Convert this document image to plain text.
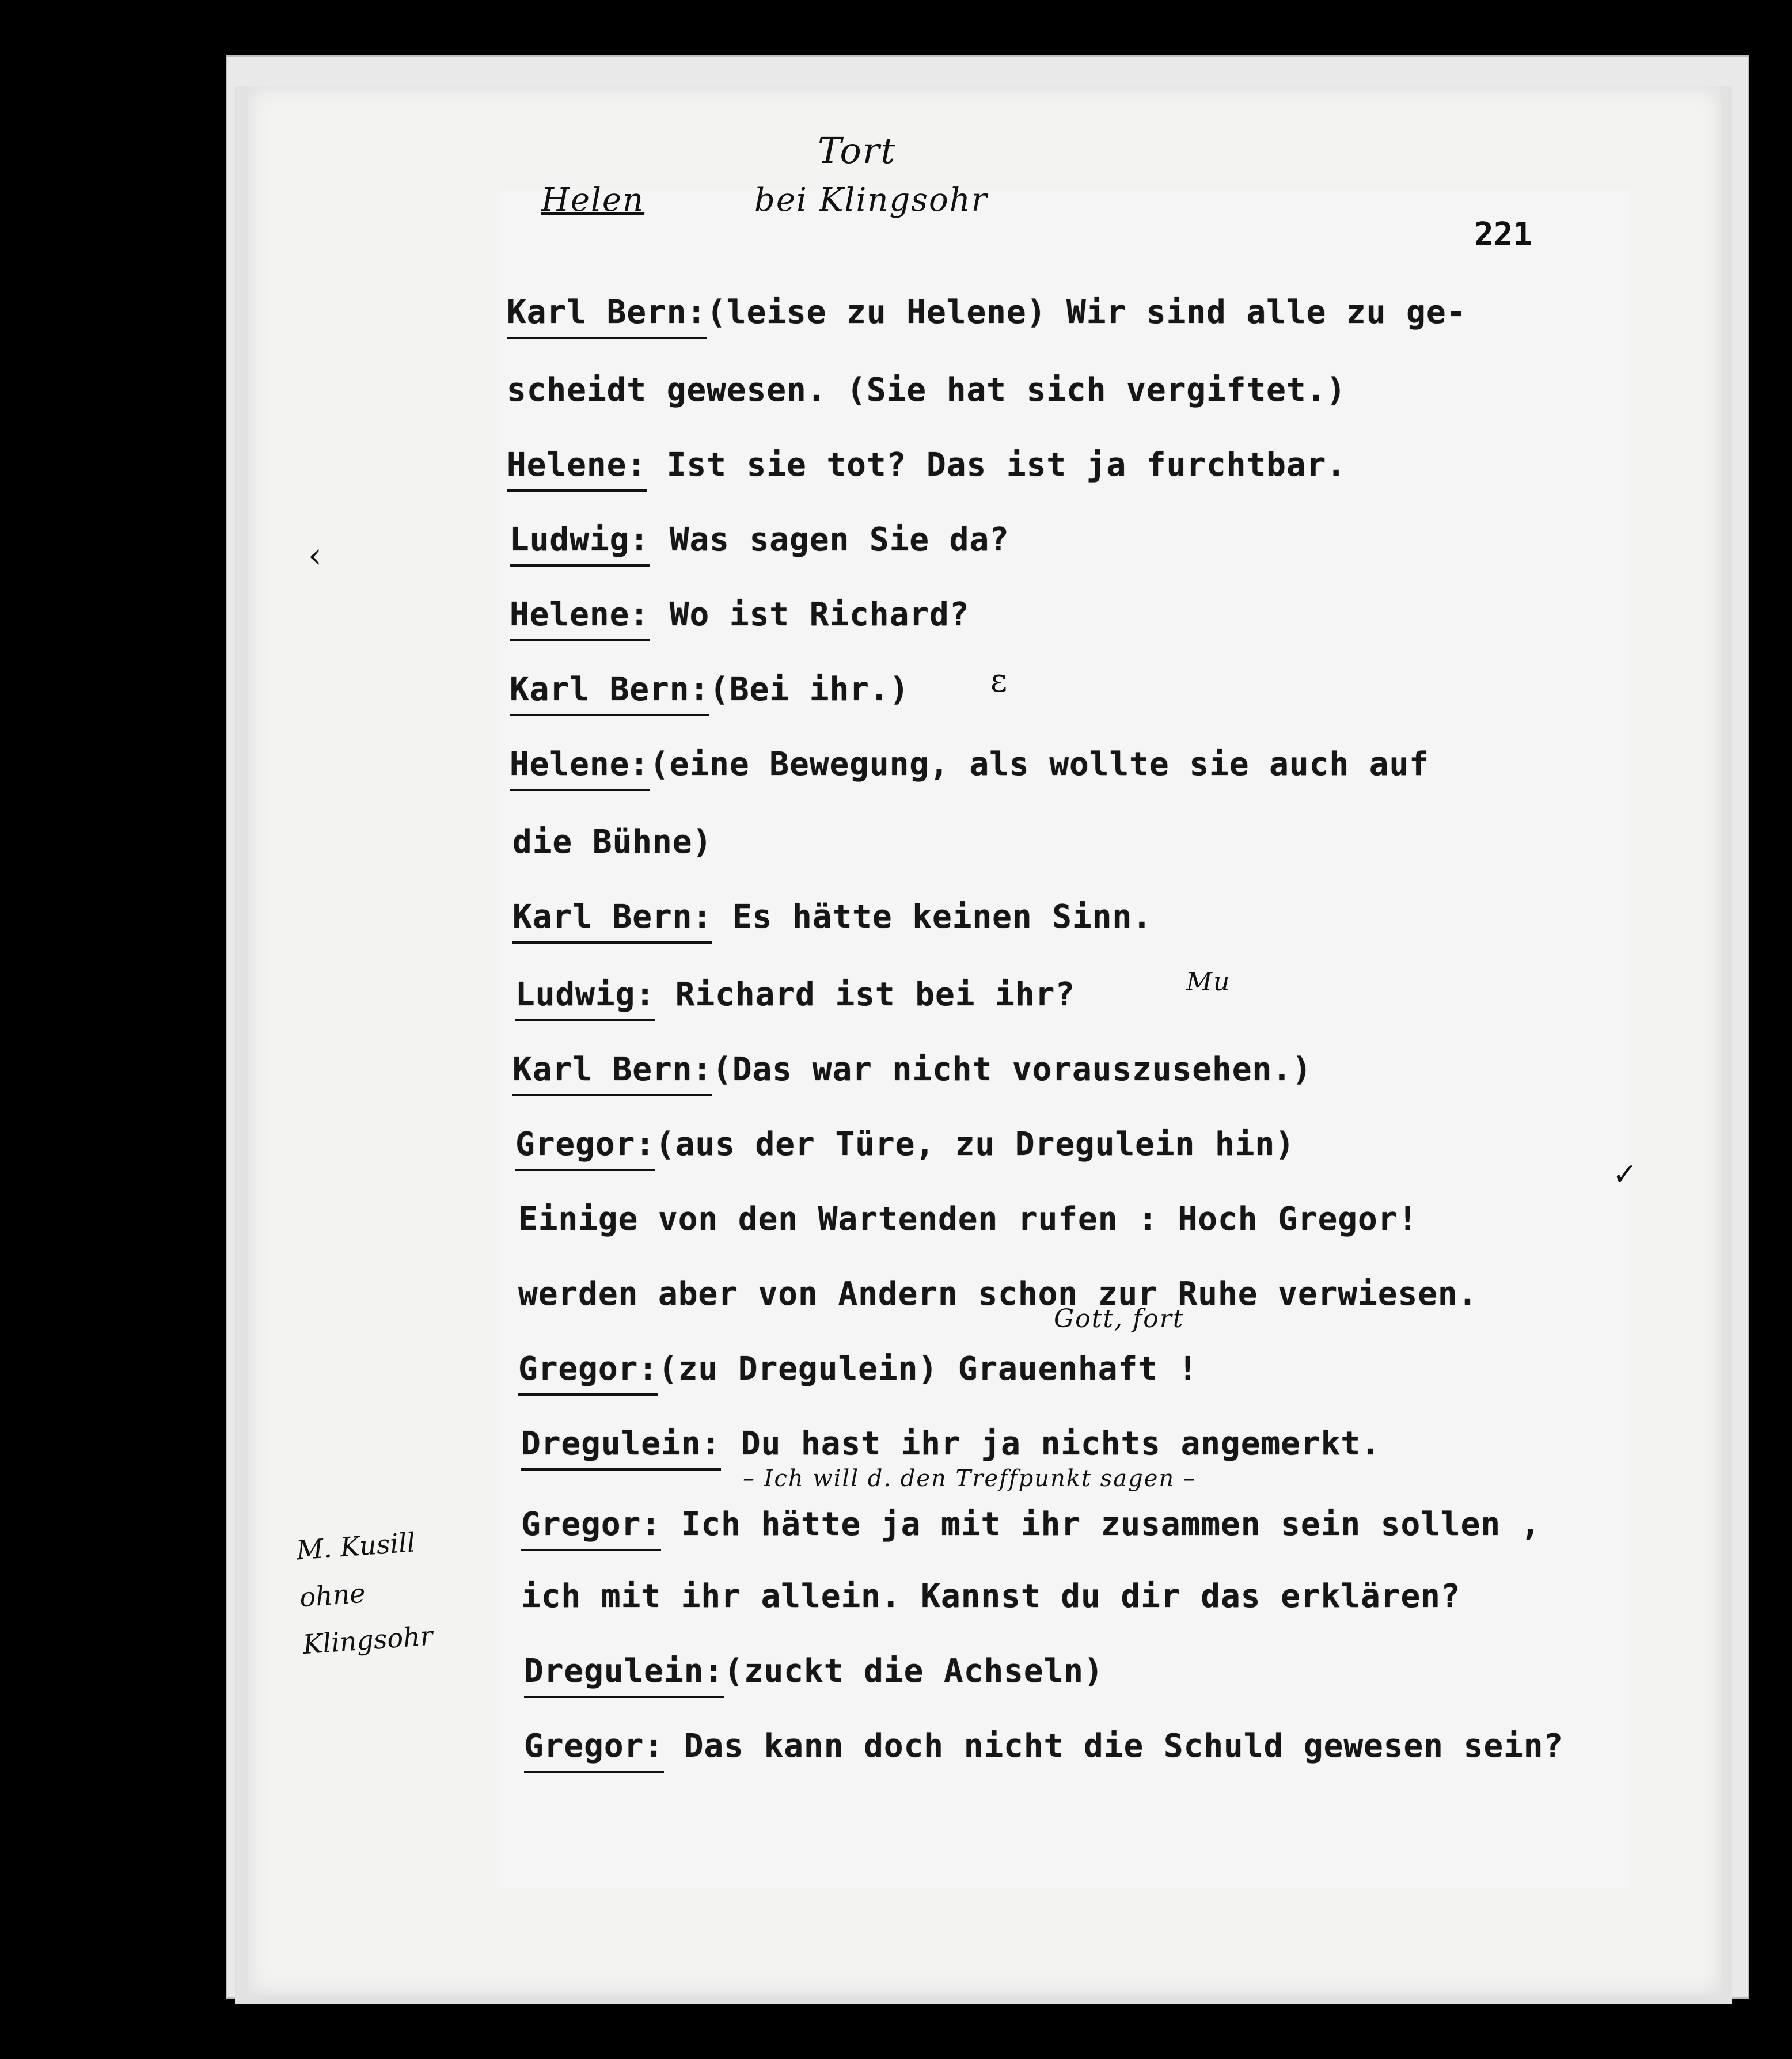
Tort
Helen	bei Klingsohr
221
Karl Bern:(leise zu Helene) Wir sind alle zu ge-
scheidt gewesen. (Sie hat sich vergiftet.)
Helene: Ist sie tot? Das ist ja furchtbar.
Ludwig: Was sagen Sie da?
Helene: Wo ist Richard?
Karl Bern:(Bei ihr.)
Helene:(eine Bewegung, als wollte sie auch auf
die Bühne)
Karl Bern: Es hätte keinen Sinn.
Ludwig: Richard ist bei ihr?
Karl Bern:(Das war nicht vorauszusehen.)
Gregor:(aus der Türe, zu Dregulein hin)
Einige von den Wartenden rufen : Hoch Gregor!
werden aber von Andern schon zur Ruhe verwiesen.
Gregor:(zu Dregulein) Grauenhaft !
Dregulein: Du hast ihr ja nichts angemerkt.
Gregor: Ich hätte ja mit ihr zusammen sein sollen ,
ich mit ihr allein. Kannst du dir das erklären?
Dregulein:(zuckt die Achseln)
Gregor: Das kann doch nicht die Schuld gewesen sein?
Mu
Gott, fort
– Ich will d. den Treffpunkt sagen –
M. Kusill
ohne
Klingsohr
‹
✓
ε
